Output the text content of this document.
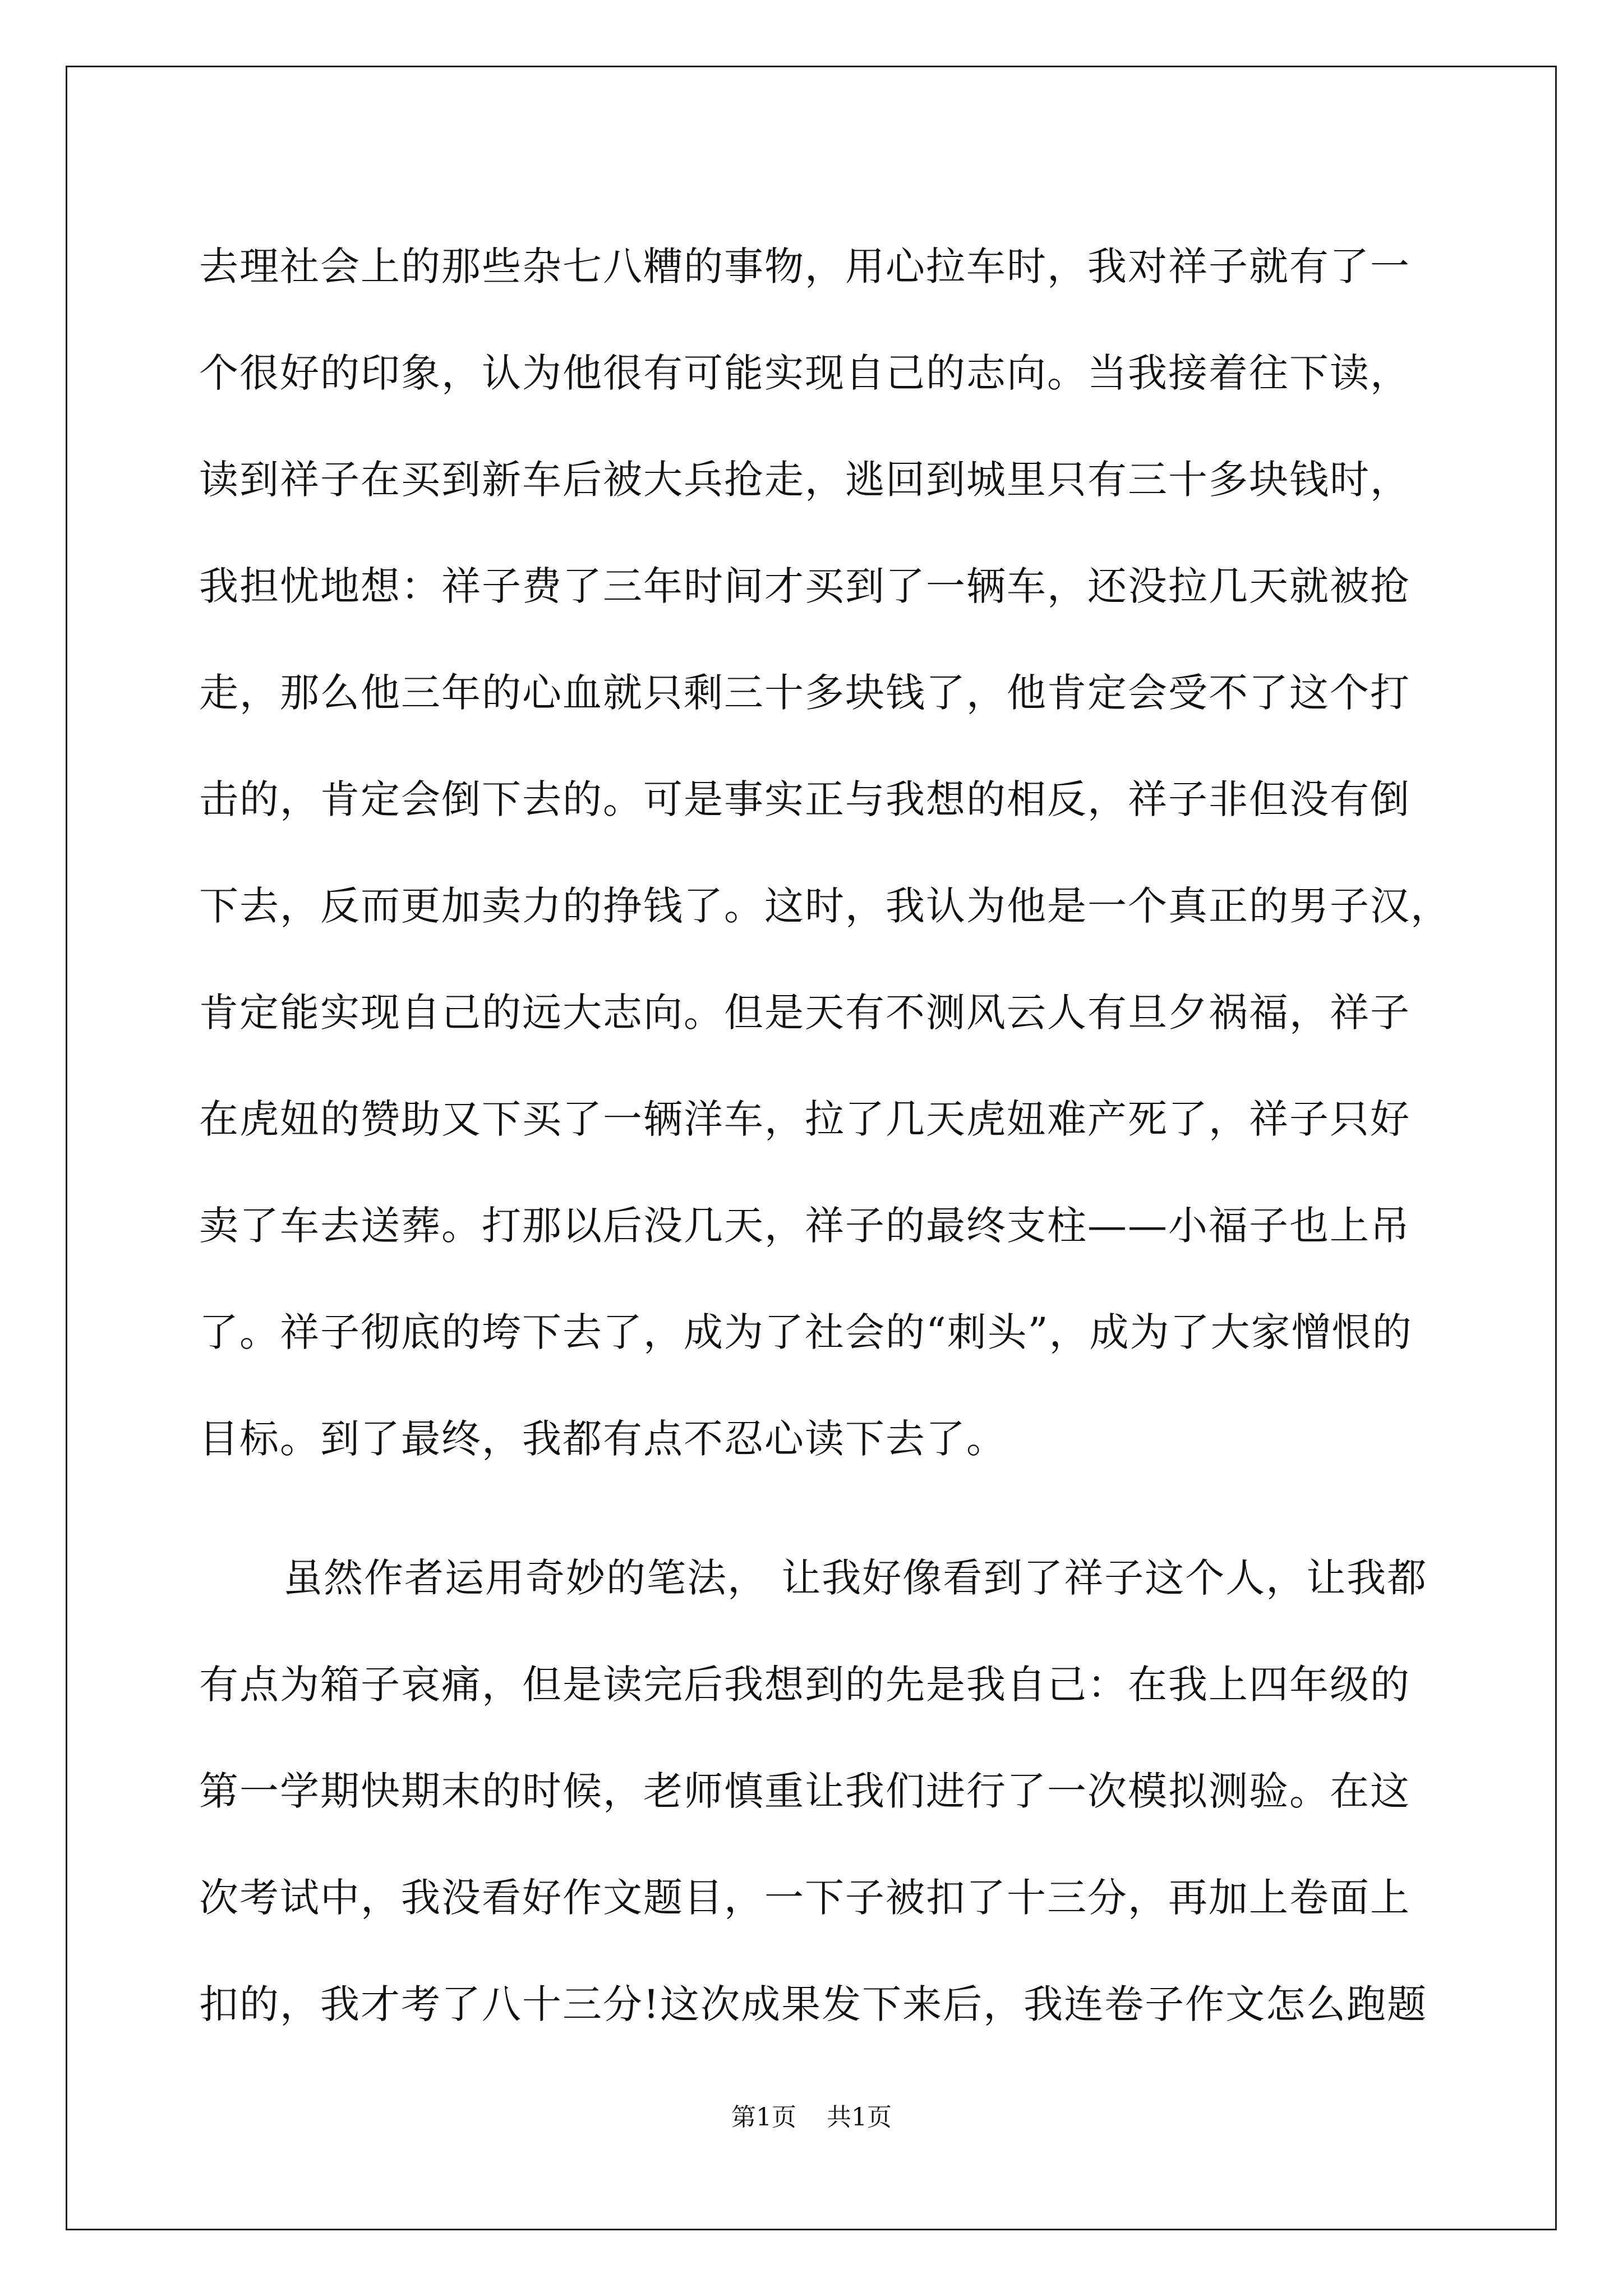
去理社会上的那些杂七八糟的事物，用心拉车时，我对祥子就有了一
个很好的印象，认为他很有可能实现自己的志向。当我接着往下读，
读到祥子在买到新车后被大兵抢走，逃回到城里只有三十多块钱时，
我担忧地想：祥子费了三年时间才买到了一辆车，还没拉几天就被抢
走，那么他三年的心血就只剩三十多块钱了，他肯定会受不了这个打
击的，肯定会倒下去的。可是事实正与我想的相反，祥子非但没有倒
下去，反而更加卖力的挣钱了。这时，我认为他是一个真正的男子汉，
肯定能实现自己的远大志向。但是天有不测风云人有旦夕祸福，祥子
在虎妞的赞助又下买了一辆洋车，拉了几天虎妞难产死了，祥子只好
卖了车去送葬。打那以后没几天，祥子的最终支柱——小福子也上吊
了。祥子彻底的垮下去了，成为了社会的“刺头”，成为了大家憎恨的
目标。到了最终，我都有点不忍心读下去了。
虽然作者运用奇妙的笔法， 让我好像看到了祥子这个人，让我都
有点为箱子哀痛，但是读完后我想到的先是我自己：在我上四年级的
第一学期快期末的时候，老师慎重让我们进行了一次模拟测验。在这
次考试中，我没看好作文题目，一下子被扣了十三分，再加上卷面上
扣的，我才考了八十三分!这次成果发下来后，我连卷子作文怎么跑题
第1页 共1页
